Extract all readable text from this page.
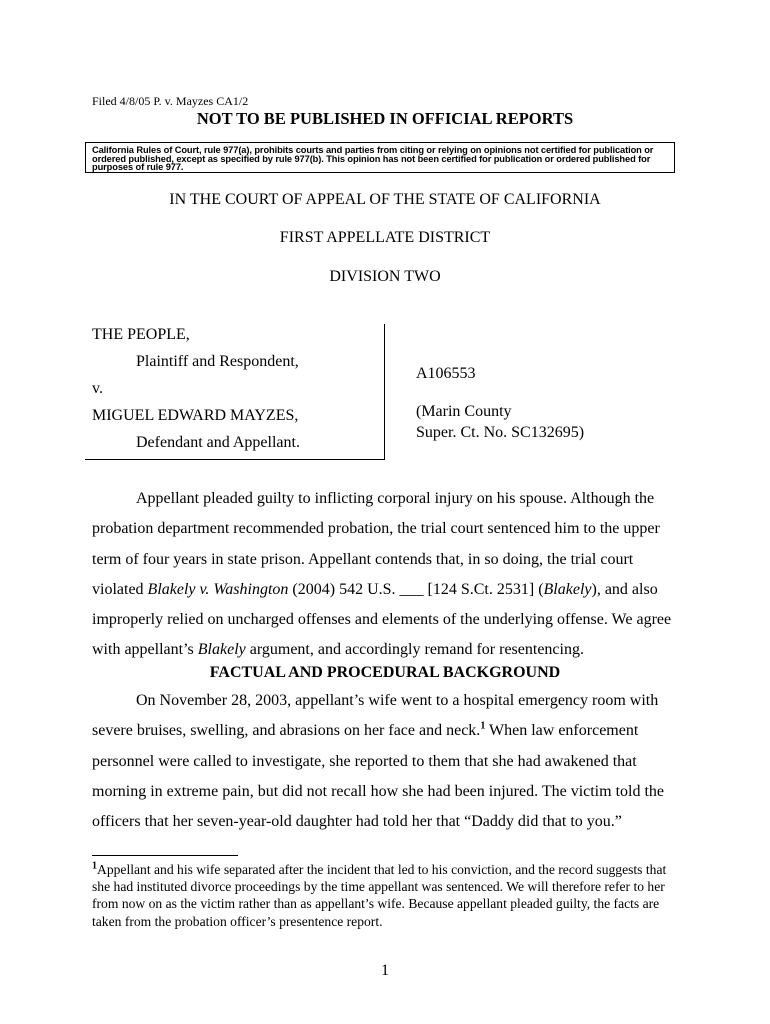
Filed 4/8/05 P. v. Mayzes CA1/2
NOT TO BE PUBLISHED IN OFFICIAL REPORTS
California Rules of Court, rule 977(a), prohibits courts and parties from citing or relying on opinions not certified for publication or ordered published, except as specified by rule 977(b). This opinion has not been certified for publication or ordered published for purposes of rule 977.
IN THE COURT OF APPEAL OF THE STATE OF CALIFORNIA
FIRST APPELLATE DISTRICT
DIVISION TWO
THE PEOPLE,
Plaintiff and Respondent,
v.
MIGUEL EDWARD MAYZES,
Defendant and Appellant.
A106553
(Marin County
Super. Ct. No. SC132695)

Appellant pleaded guilty to inflicting corporal injury on his spouse. Although the probation department recommended probation, the trial court sentenced him to the upper term of four years in state prison. Appellant contends that, in so doing, the trial court violated Blakely v. Washington (2004) 542 U.S. ___ [124 S.Ct. 2531] (Blakely), and also improperly relied on uncharged offenses and elements of the underlying offense. We agree with appellant’s Blakely argument, and accordingly remand for resentencing.

FACTUAL AND PROCEDURAL BACKGROUND

On November 28, 2003, appellant’s wife went to a hospital emergency room with severe bruises, swelling, and abrasions on her face and neck.$^1$ When law enforcement personnel were called to investigate, she reported to them that she had awakened that morning in extreme pain, but did not recall how she had been injured. The victim told the officers that her seven-year-old daughter had told her that “Daddy did that to you.”

$^1$Appellant and his wife separated after the incident that led to his conviction, and the record suggests that she had instituted divorce proceedings by the time appellant was sentenced. We will therefore refer to her from now on as the victim rather than as appellant’s wife. Because appellant pleaded guilty, the facts are taken from the probation officer’s presentence report.
1
